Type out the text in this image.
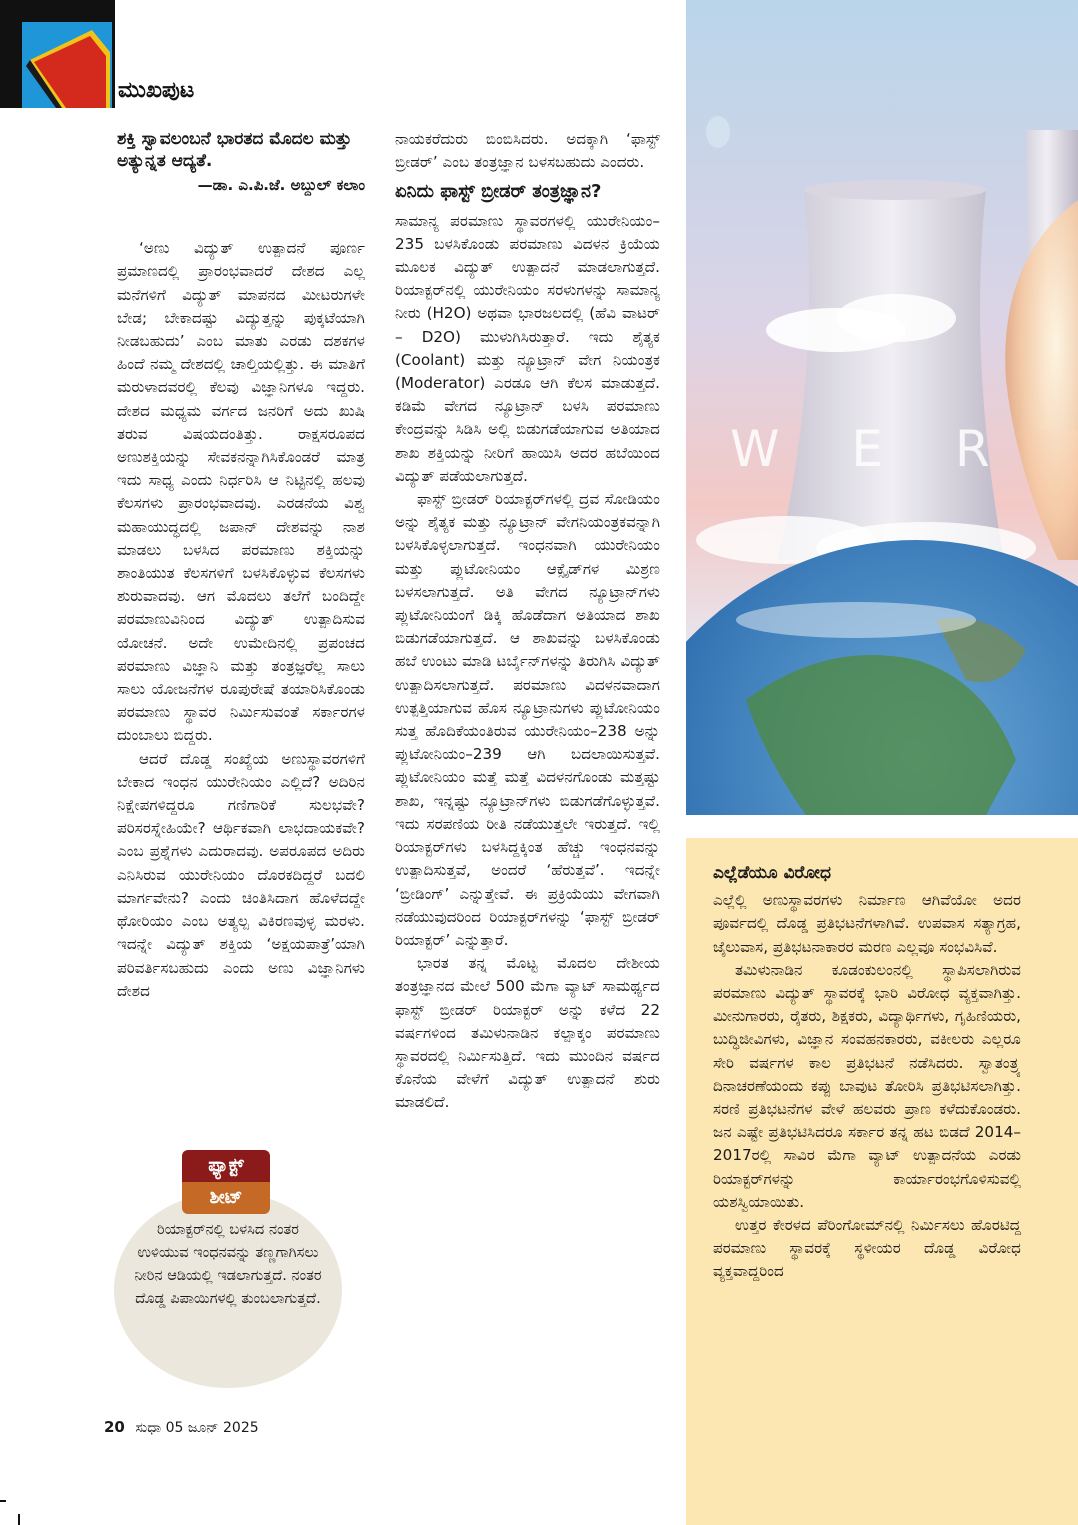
ಮುಖಪುಟ

ಶಕ್ತಿ ಸ್ವಾವಲಂಬನೆ ಭಾರತದ ಮೊದಲ ಮತ್ತು ಅತ್ಯುನ್ನತ ಆದ್ಯತೆ.

—ಡಾ. ಎ.ಪಿ.ಜೆ. ಅಬ್ದುಲ್ ಕಲಾಂ

‘ಅಣು ವಿದ್ಯುತ್ ಉತ್ಪಾದನೆ ಪೂರ್ಣ ಪ್ರಮಾಣದಲ್ಲಿ ಪ್ರಾರಂಭವಾದರೆ ದೇಶದ ಎಲ್ಲ ಮನೆಗಳಿಗೆ ವಿದ್ಯುತ್ ಮಾಪನದ ಮೀಟರುಗಳೇ ಬೇಡ; ಬೇಕಾದಷ್ಟು ವಿದ್ಯುತ್ತನ್ನು ಪುಕ್ಕಟೆಯಾಗಿ ನೀಡಬಹುದು’ ಎಂಬ ಮಾತು ಎರಡು ದಶಕಗಳ ಹಿಂದೆ ನಮ್ಮ ದೇಶದಲ್ಲಿ ಚಾಲ್ತಿಯಲ್ಲಿತ್ತು. ಈ ಮಾತಿಗೆ ಮರುಳಾದವರಲ್ಲಿ ಕೆಲವು ವಿಜ್ಞಾನಿಗಳೂ ಇದ್ದರು. ದೇಶದ ಮಧ್ಯಮ ವರ್ಗದ ಜನರಿಗೆ ಅದು ಖುಷಿ ತರುವ ವಿಷಯದಂತಿತ್ತು. ರಾಕ್ಷಸರೂಪದ ಅಣುಶಕ್ತಿಯನ್ನು ಸೇವಕನನ್ನಾಗಿಸಿಕೊಂಡರೆ ಮಾತ್ರ ಇದು ಸಾಧ್ಯ ಎಂದು ನಿರ್ಧರಿಸಿ ಆ ನಿಟ್ಟಿನಲ್ಲಿ ಹಲವು ಕೆಲಸಗಳು ಪ್ರಾರಂಭವಾದವು. ಎರಡನೆಯ ವಿಶ್ವ ಮಹಾಯುದ್ಧದಲ್ಲಿ ಜಪಾನ್ ದೇಶವನ್ನು ನಾಶ ಮಾಡಲು ಬಳಸಿದ ಪರಮಾಣು ಶಕ್ತಿಯನ್ನು ಶಾಂತಿಯುತ ಕೆಲಸಗಳಿಗೆ ಬಳಸಿಕೊಳ್ಳುವ ಕೆಲಸಗಳು ಶುರುವಾದವು. ಆಗ ಮೊದಲು ತಲೆಗೆ ಬಂದಿದ್ದೇ ಪರಮಾಣುವಿನಿಂದ ವಿದ್ಯುತ್ ಉತ್ಪಾದಿಸುವ ಯೋಚನೆ. ಅದೇ ಉಮೇದಿನಲ್ಲಿ ಪ್ರಪಂಚದ ಪರಮಾಣು ವಿಜ್ಞಾನಿ ಮತ್ತು ತಂತ್ರಜ್ಞರೆಲ್ಲ ಸಾಲು ಸಾಲು ಯೋಜನೆಗಳ ರೂಪುರೇಷೆ ತಯಾರಿಸಿಕೊಂಡು ಪರಮಾಣು ಸ್ಥಾವರ ನಿರ್ಮಿಸುವಂತೆ ಸರ್ಕಾರಗಳ ದುಂಬಾಲು ಬಿದ್ದರು.

ಆದರೆ ದೊಡ್ಡ ಸಂಖ್ಯೆಯ ಅಣುಸ್ಥಾವರಗಳಿಗೆ ಬೇಕಾದ ಇಂಧನ ಯುರೇನಿಯಂ ಎಲ್ಲಿದೆ? ಅದಿರಿನ ನಿಕ್ಷೇಪಗಳಿದ್ದರೂ ಗಣಿಗಾರಿಕೆ ಸುಲಭವೇ? ಪರಿಸರಸ್ನೇಹಿಯೇ? ಆರ್ಥಿಕವಾಗಿ ಲಾಭದಾಯಕವೇ? ಎಂಬ ಪ್ರಶ್ನೆಗಳು ಎದುರಾದವು. ಅಪರೂಪದ ಅದಿರು ಎನಿಸಿರುವ ಯುರೇನಿಯಂ ದೊರಕದಿದ್ದರೆ ಬದಲಿ ಮಾರ್ಗವೇನು? ಎಂದು ಚಿಂತಿಸಿದಾಗ ಹೊಳೆದದ್ದೇ ಥೋರಿಯಂ ಎಂಬ ಅತ್ಯಲ್ಪ ವಿಕಿರಣವುಳ್ಳ ಮರಳು. ಇದನ್ನೇ ವಿದ್ಯುತ್ ಶಕ್ತಿಯ ‘ಅಕ್ಷಯಪಾತ್ರೆ’ಯಾಗಿ ಪರಿವರ್ತಿಸಬಹುದು ಎಂದು ಅಣು ವಿಜ್ಞಾನಿಗಳು ದೇಶದ

ನಾಯಕರೆದುರು ಬಿಂಬಿಸಿದರು. ಅದಕ್ಕಾಗಿ ‘ಫಾಸ್ಟ್ ಬ್ರೀಡರ್’ ಎಂಬ ತಂತ್ರಜ್ಞಾನ ಬಳಸಬಹುದು ಎಂದರು.

ಏನಿದು ಫಾಸ್ಟ್ ಬ್ರೀಡರ್ ತಂತ್ರಜ್ಞಾನ?

ಸಾಮಾನ್ಯ ಪರಮಾಣು ಸ್ಥಾವರಗಳಲ್ಲಿ ಯುರೇನಿಯಂ–235 ಬಳಸಿಕೊಂಡು ಪರಮಾಣು ವಿದಳನ ಕ್ರಿಯೆಯ ಮೂಲಕ ವಿದ್ಯುತ್ ಉತ್ಪಾದನೆ ಮಾಡಲಾಗುತ್ತದೆ. ರಿಯಾಕ್ಟರ್‌ನಲ್ಲಿ ಯುರೇನಿಯಂ ಸರಳುಗಳನ್ನು ಸಾಮಾನ್ಯ ನೀರು (H2O) ಅಥವಾ ಭಾರಜಲದಲ್ಲಿ (ಹೆವಿ ವಾಟರ್ – D2O) ಮುಳುಗಿಸಿರುತ್ತಾರೆ. ಇದು ಶೈತ್ಯಕ (Coolant) ಮತ್ತು ನ್ಯೂಟ್ರಾನ್ ವೇಗ ನಿಯಂತ್ರಕ (Moderator) ಎರಡೂ ಆಗಿ ಕೆಲಸ ಮಾಡುತ್ತದೆ. ಕಡಿಮೆ ವೇಗದ ನ್ಯೂಟ್ರಾನ್ ಬಳಸಿ ಪರಮಾಣು ಕೇಂದ್ರವನ್ನು ಸಿಡಿಸಿ ಅಲ್ಲಿ ಬಿಡುಗಡೆಯಾಗುವ ಅತಿಯಾದ ಶಾಖ ಶಕ್ತಿಯನ್ನು ನೀರಿಗೆ ಹಾಯಿಸಿ ಅದರ ಹಬೆಯಿಂದ ವಿದ್ಯುತ್ ಪಡೆಯಲಾಗುತ್ತದೆ.

ಫಾಸ್ಟ್ ಬ್ರೀಡರ್ ರಿಯಾಕ್ಟರ್‌ಗಳಲ್ಲಿ ದ್ರವ ಸೋಡಿಯಂ ಅನ್ನು ಶೈತ್ಯಕ ಮತ್ತು ನ್ಯೂಟ್ರಾನ್ ವೇಗನಿಯಂತ್ರಕವನ್ನಾಗಿ ಬಳಸಿಕೊಳ್ಳಲಾಗುತ್ತದೆ. ಇಂಧನವಾಗಿ ಯುರೇನಿಯಂ ಮತ್ತು ಪ್ಲುಟೋನಿಯಂ ಆಕ್ಸೈಡ್‌ಗಳ ಮಿಶ್ರಣ ಬಳಸಲಾಗುತ್ತದೆ. ಅತಿ ವೇಗದ ನ್ಯೂಟ್ರಾನ್‌ಗಳು ಪ್ಲುಟೋನಿಯಂಗೆ ಡಿಕ್ಕಿ ಹೊಡೆದಾಗ ಅತಿಯಾದ ಶಾಖ ಬಿಡುಗಡೆಯಾಗುತ್ತದೆ. ಆ ಶಾಖವನ್ನು ಬಳಸಿಕೊಂಡು ಹಬೆ ಉಂಟು ಮಾಡಿ ಟರ್ಬೈನ್‌ಗಳನ್ನು ತಿರುಗಿಸಿ ವಿದ್ಯುತ್ ಉತ್ಪಾದಿಸಲಾಗುತ್ತದೆ. ಪರಮಾಣು ವಿದಳನವಾದಾಗ ಉತ್ಪತ್ತಿಯಾಗುವ ಹೊಸ ನ್ಯೂಟ್ರಾನುಗಳು ಪ್ಲುಟೋನಿಯಂ ಸುತ್ತ ಹೊದಿಕೆಯಂತಿರುವ ಯುರೇನಿಯಂ–238 ಅನ್ನು ಪ್ಲುಟೋನಿಯಂ–239 ಆಗಿ ಬದಲಾಯಿಸುತ್ತವೆ. ಪ್ಲುಟೋನಿಯಂ ಮತ್ತೆ ಮತ್ತೆ ವಿದಳನಗೊಂಡು ಮತ್ತಷ್ಟು ಶಾಖ, ಇನ್ನಷ್ಟು ನ್ಯೂಟ್ರಾನ್‌ಗಳು ಬಿಡುಗಡೆಗೊಳ್ಳುತ್ತವೆ. ಇದು ಸರಪಣಿಯ ರೀತಿ ನಡೆಯುತ್ತಲೇ ಇರುತ್ತದೆ. ಇಲ್ಲಿ ರಿಯಾಕ್ಟರ್‌ಗಳು ಬಳಸಿದ್ದಕ್ಕಿಂತ ಹೆಚ್ಚು ಇಂಧನವನ್ನು ಉತ್ಪಾದಿಸುತ್ತವೆ, ಅಂದರೆ ‘ಹೆರುತ್ತವೆ’. ಇದನ್ನೇ ‘ಬ್ರೀಡಿಂಗ್’ ಎನ್ನುತ್ತೇವೆ. ಈ ಪ್ರಕ್ರಿಯೆಯು ವೇಗವಾಗಿ ನಡೆಯುವುದರಿಂದ ರಿಯಾಕ್ಟರ್‌ಗಳನ್ನು ‘ಫಾಸ್ಟ್ ಬ್ರೀಡರ್ ರಿಯಾಕ್ಟರ್’ ಎನ್ನುತ್ತಾರೆ.

ಭಾರತ ತನ್ನ ಮೊಟ್ಟ ಮೊದಲ ದೇಶೀಯ ತಂತ್ರಜ್ಞಾನದ ಮೇಲೆ 500 ಮೆಗಾ ವ್ಯಾಟ್ ಸಾಮರ್ಥ್ಯದ ಫಾಸ್ಟ್ ಬ್ರೀಡರ್ ರಿಯಾಕ್ಟರ್ ಅನ್ನು ಕಳೆದ 22 ವರ್ಷಗಳಿಂದ ತಮಿಳುನಾಡಿನ ಕಲ್ಪಾಕ್ಕಂ ಪರಮಾಣು ಸ್ಥಾವರದಲ್ಲಿ ನಿರ್ಮಿಸುತ್ತಿದೆ. ಇದು ಮುಂದಿನ ವರ್ಷದ ಕೊನೆಯ ವೇಳೆಗೆ ವಿದ್ಯುತ್ ಉತ್ಪಾದನೆ ಶುರು ಮಾಡಲಿದೆ.

W E R
ಎಲ್ಲೆಡೆಯೂ ವಿರೋಧ

ಎಲ್ಲೆಲ್ಲಿ ಅಣುಸ್ಥಾವರಗಳು ನಿರ್ಮಾಣ ಆಗಿವೆಯೋ ಅದರ ಪೂರ್ವದಲ್ಲಿ ದೊಡ್ಡ ಪ್ರತಿಭಟನೆಗಳಾಗಿವೆ. ಉಪವಾಸ ಸತ್ಯಾಗ್ರಹ, ಜೈಲುವಾಸ, ಪ್ರತಿಭಟನಾಕಾರರ ಮರಣ ಎಲ್ಲವೂ ಸಂಭವಿಸಿವೆ.

ತಮಿಳುನಾಡಿನ ಕೂಡಂಕುಲಂನಲ್ಲಿ ಸ್ಥಾಪಿಸಲಾಗಿರುವ ಪರಮಾಣು ವಿದ್ಯುತ್ ಸ್ಥಾವರಕ್ಕೆ ಭಾರಿ ವಿರೋಧ ವ್ಯಕ್ತವಾಗಿತ್ತು. ಮೀನುಗಾರರು, ರೈತರು, ಶಿಕ್ಷಕರು, ವಿದ್ಯಾರ್ಥಿಗಳು, ಗೃಹಿಣಿಯರು, ಬುದ್ಧಿಜೀವಿಗಳು, ವಿಜ್ಞಾನ ಸಂವಹನಕಾರರು, ವಕೀಲರು ಎಲ್ಲರೂ ಸೇರಿ ವರ್ಷಗಳ ಕಾಲ ಪ್ರತಿಭಟನೆ ನಡೆಸಿದರು. ಸ್ವಾತಂತ್ರ್ಯ ದಿನಾಚರಣೆಯಂದು ಕಪ್ಪು ಬಾವುಟ ತೋರಿಸಿ ಪ್ರತಿಭಟಿಸಲಾಗಿತ್ತು. ಸರಣಿ ಪ್ರತಿಭಟನೆಗಳ ವೇಳೆ ಹಲವರು ಪ್ರಾಣ ಕಳೆದುಕೊಂಡರು. ಜನ ಎಷ್ಟೇ ಪ್ರತಿಭಟಿಸಿದರೂ ಸರ್ಕಾರ ತನ್ನ ಹಟ ಬಿಡದೆ 2014–2017ರಲ್ಲಿ ಸಾವಿರ ಮೆಗಾ ವ್ಯಾಟ್ ಉತ್ಪಾದನೆಯ ಎರಡು ರಿಯಾಕ್ಟರ್‌ಗಳನ್ನು ಕಾರ್ಯಾರಂಭಗೊಳಿಸುವಲ್ಲಿ ಯಶಸ್ವಿಯಾಯಿತು.

ಉತ್ತರ ಕೇರಳದ ಪೆರಿಂಗೋಮ್‌ನಲ್ಲಿ ನಿರ್ಮಿಸಲು ಹೊರಟಿದ್ದ ಪರಮಾಣು ಸ್ಥಾವರಕ್ಕೆ ಸ್ಥಳೀಯರ ದೊಡ್ಡ ವಿರೋಧ ವ್ಯಕ್ತವಾದ್ದರಿಂದ

ಫ್ಯಾಕ್ಟ್
ಶೀಟ್
ರಿಯಾಕ್ಟರ್‌ನಲ್ಲಿ ಬಳಸಿದ ನಂತರ ಉಳಿಯುವ ಇಂಧನವನ್ನು ತಣ್ಣಗಾಗಿಸಲು ನೀರಿನ ಆಡಿಯಲ್ಲಿ ಇಡಲಾಗುತ್ತದೆ. ನಂತರ ದೊಡ್ಡ ಪಿಪಾಯಿಗಳಲ್ಲಿ ತುಂಬಲಾಗುತ್ತದೆ.
20 ಸುಧಾ 05 ಜೂನ್ 2025
